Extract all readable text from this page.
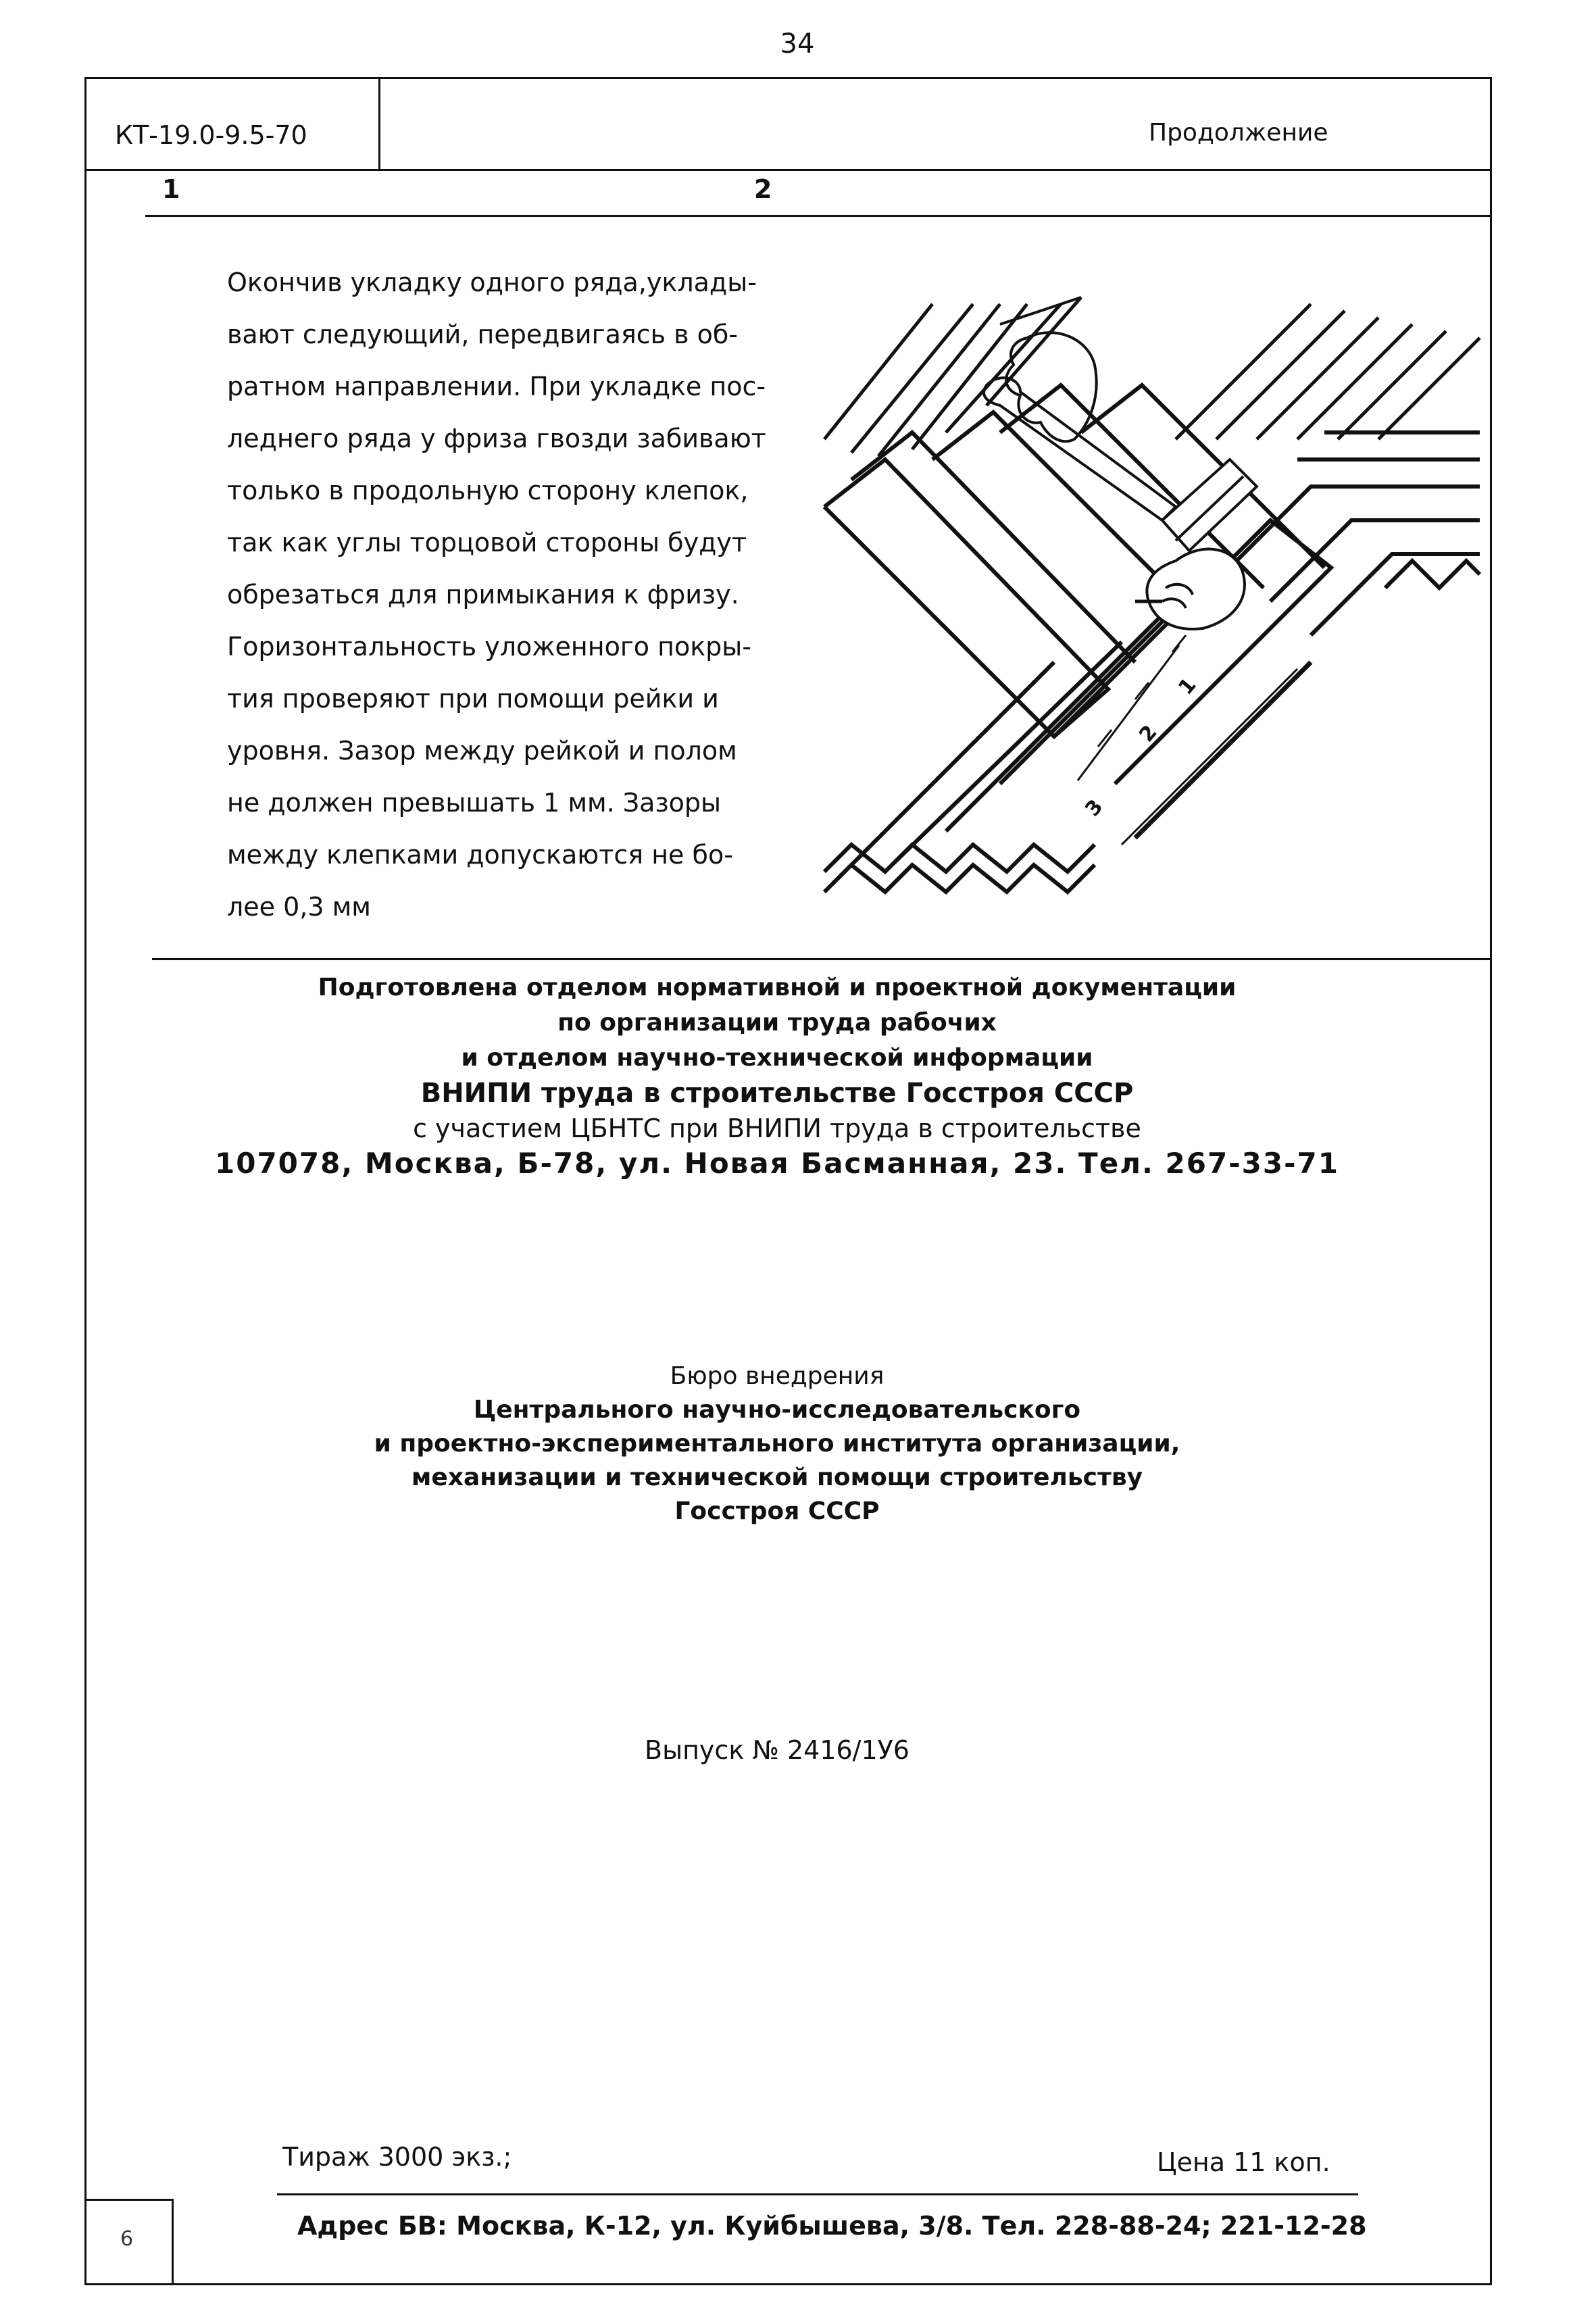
34
КТ-19.0-9.5-70	Продолжение
1	2
Окончив укладку одного ряда,уклады-
вают следующий, передвигаясь в об-
ратном направлении. При укладке пос-
леднего ряда у фриза гвозди забивают
только в продольную сторону клепок,
так как углы торцовой стороны будут
обрезаться для примыкания к фризу.
Горизонтальность уложенного покры-
тия проверяют при помощи рейки и
уровня. Зазор между рейкой и полом
не должен превышать 1 мм. Зазоры
между клепками допускаются не бо-
лее 0,3 мм
1
2
3
Подготовлена отделом нормативной и проектной документации
по организации труда рабочих
и отделом научно-технической информации
ВНИПИ труда в строительстве Госстроя СССР
с участием ЦБНТС при ВНИПИ труда в строительстве
107078, Москва, Б-78, ул. Новая Басманная, 23. Тел. 267-33-71
Бюро внедрения
Центрального научно-исследовательского
и проектно-экспериментального института организации,
механизации и технической помощи строительству
Госстроя СССР
Выпуск № 2416/1У6
Тираж 3000 экз.;	Цена 11 коп.
Адрес БВ: Москва, К-12, ул. Куйбышева, 3/8. Тел. 228-88-24; 221-12-28
6
